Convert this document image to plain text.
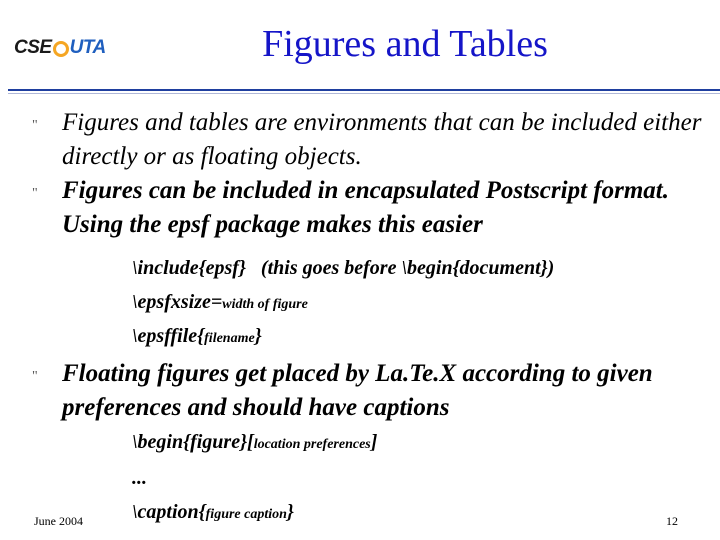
CSE UTA	Figures and Tables
" Figures and tables are environments that can be included either directly or as floating objects.
" Figures can be included in encapsulated Postscript format. Using the epsf package makes this easier
\include{epsf} (this goes before \begin{document})
\epsfxsize=width of figure
\epsffile{filename}
" Floating figures get placed by La.Te.X according to given preferences and should have captions
\begin{figure}[location preferences]
...
\caption{figure caption}
June 2004	12
